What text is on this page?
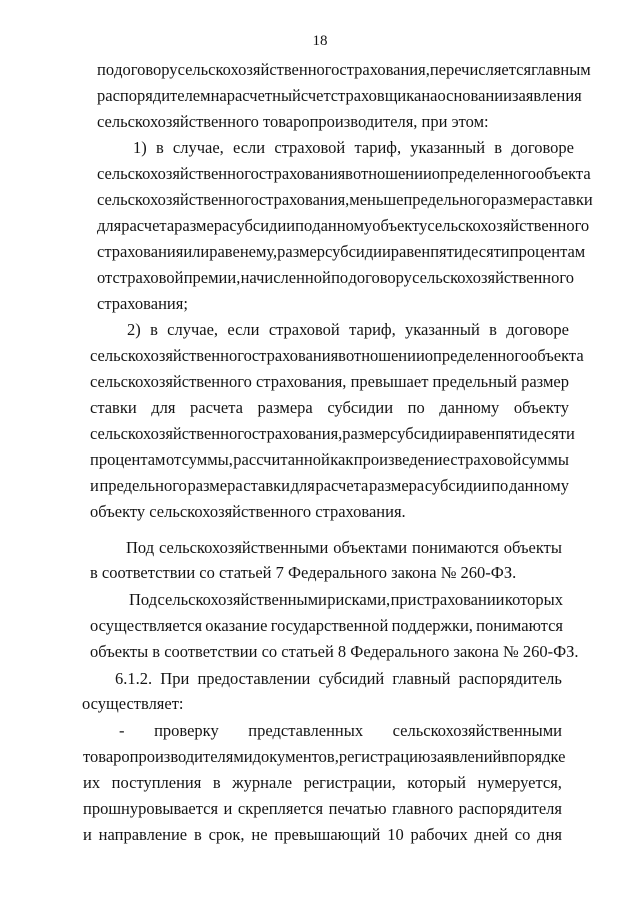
18
по договору сельскохозяйственного страхования, перечисляется главным
распорядителем на расчетный счет страховщика на основании заявления
сельскохозяйственного товаропроизводителя, при этом:
1) в случае, если страховой тариф, указанный в договоре
сельскохозяйственного страхования в отношении определенного объекта
сельскохозяйственного страхования, меньше предельного размера ставки
для расчета размера субсидии по данному объекту сельскохозяйственного
страхования или равен ему, размер субсидии равен пятидесяти процентам
от страховой премии, начисленной по договору сельскохозяйственного
страхования;
2) в случае, если страховой тариф, указанный в договоре
сельскохозяйственного страхования в отношении определенного объекта
сельскохозяйственного страхования, превышает предельный размер
ставки для расчета размера субсидии по данному объекту
сельскохозяйственного страхования, размер субсидии равен пятидесяти
процентам от суммы, рассчитанной как произведение страховой суммы
и предельного размера ставки для расчета размера субсидии по данному
объекту сельскохозяйственного страхования.
Под сельскохозяйственными объектами понимаются объекты
в соответствии со статьей 7 Федерального закона № 260-ФЗ.
Под сельскохозяйственными рисками, при страховании которых
осуществляется оказание государственной поддержки, понимаются
объекты в соответствии со статьей 8 Федерального закона № 260-ФЗ.
6.1.2. При предоставлении субсидий главный распорядитель
осуществляет:
- проверку представленных сельскохозяйственными
товаропроизводителями документов, регистрацию заявлений в порядке
их поступления в журнале регистрации, который нумеруется,
прошнуровывается и скрепляется печатью главного распорядителя
и направление в срок, не превышающий 10 рабочих дней со дня
